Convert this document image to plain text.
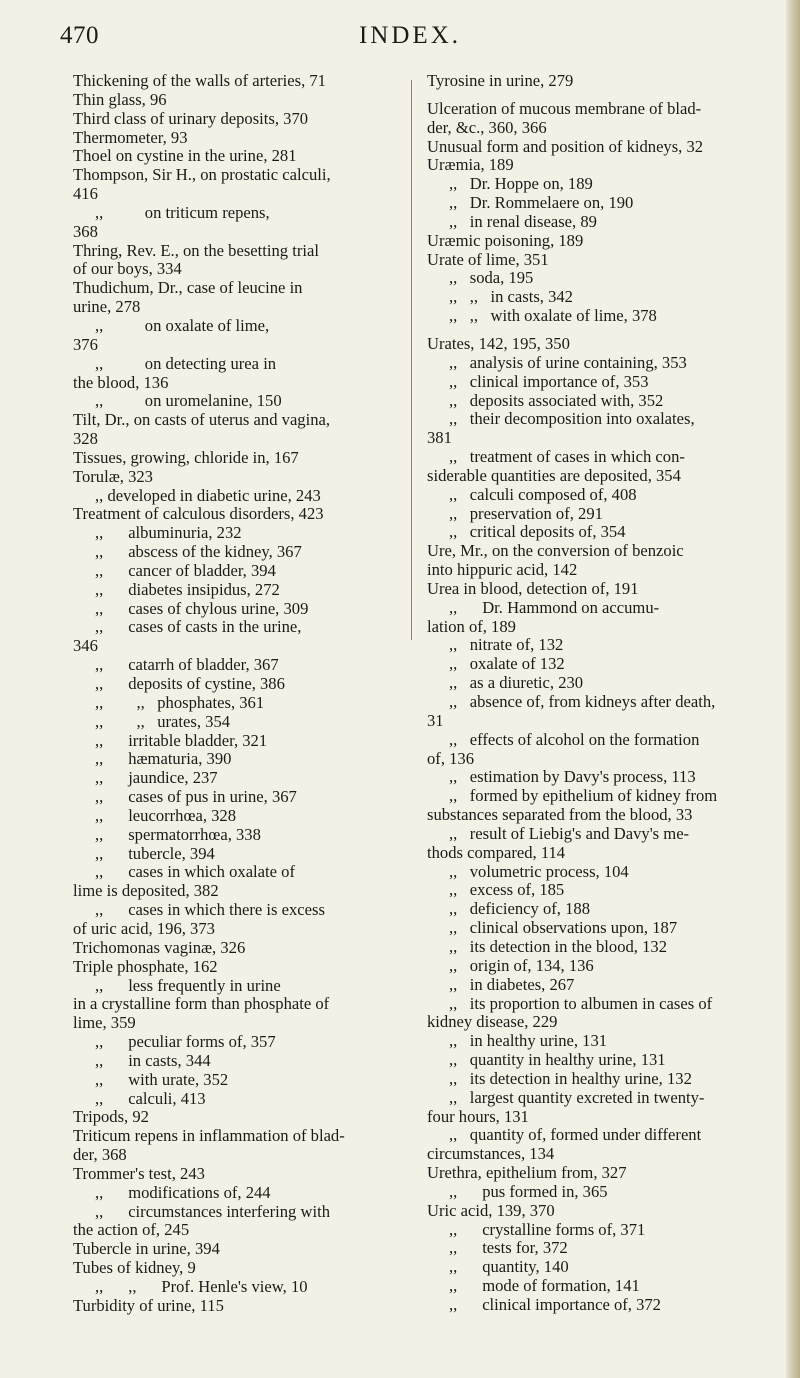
470	INDEX.
Thickening of the walls of arteries, 71
Thin glass, 96
Third class of urinary deposits, 370
Thermometer, 93
Thoel on cystine in the urine, 281
Thompson, Sir H., on prostatic calculi,
416
,,          on triticum repens,
368
Thring, Rev. E., on the besetting trial
of our boys, 334
Thudichum, Dr., case of leucine in
urine, 278
,,          on oxalate of lime,
376
,,          on detecting urea in
the blood, 136
,,          on uromelanine, 150
Tilt, Dr., on casts of uterus and vagina,
328
Tissues, growing, chloride in, 167
Torulæ, 323
,, developed in diabetic urine, 243
Treatment of calculous disorders, 423
,,      albuminuria, 232
,,      abscess of the kidney, 367
,,      cancer of bladder, 394
,,      diabetes insipidus, 272
,,      cases of chylous urine, 309
,,      cases of casts in the urine,
346
,,      catarrh of bladder, 367
,,      deposits of cystine, 386
,,        ,,   phosphates, 361
,,        ,,   urates, 354
,,      irritable bladder, 321
,,      hæmaturia, 390
,,      jaundice, 237
,,      cases of pus in urine, 367
,,      leucorrhœa, 328
,,      spermatorrhœa, 338
,,      tubercle, 394
,,      cases in which oxalate of
lime is deposited, 382
,,      cases in which there is excess
of uric acid, 196, 373
Trichomonas vaginæ, 326
Triple phosphate, 162
,,      less frequently in urine
in a crystalline form than phosphate of
lime, 359
,,      peculiar forms of, 357
,,      in casts, 344
,,      with urate, 352
,,      calculi, 413
Tripods, 92
Triticum repens in inflammation of blad-
der, 368
Trommer's test, 243
,,      modifications of, 244
,,      circumstances interfering with
the action of, 245
Tubercle in urine, 394
Tubes of kidney, 9
,,      ,,      Prof. Henle's view, 10
Turbidity of urine, 115
Tyrosine in urine, 279
Ulceration of mucous membrane of blad-
der, &c., 360, 366
Unusual form and position of kidneys, 32
Uræmia, 189
,,   Dr. Hoppe on, 189
,,   Dr. Rommelaere on, 190
,,   in renal disease, 89
Uræmic poisoning, 189
Urate of lime, 351
,,   soda, 195
,,   ,,   in casts, 342
,,   ,,   with oxalate of lime, 378
Urates, 142, 195, 350
,,   analysis of urine containing, 353
,,   clinical importance of, 353
,,   deposits associated with, 352
,,   their decomposition into oxalates,
381
,,   treatment of cases in which con-
siderable quantities are deposited, 354
,,   calculi composed of, 408
,,   preservation of, 291
,,   critical deposits of, 354
Ure, Mr., on the conversion of benzoic
into hippuric acid, 142
Urea in blood, detection of, 191
,,      Dr. Hammond on accumu-
lation of, 189
,,   nitrate of, 132
,,   oxalate of 132
,,   as a diuretic, 230
,,   absence of, from kidneys after death,
31
,,   effects of alcohol on the formation
of, 136
,,   estimation by Davy's process, 113
,,   formed by epithelium of kidney from
substances separated from the blood, 33
,,   result of Liebig's and Davy's me-
thods compared, 114
,,   volumetric process, 104
,,   excess of, 185
,,   deficiency of, 188
,,   clinical observations upon, 187
,,   its detection in the blood, 132
,,   origin of, 134, 136
,,   in diabetes, 267
,,   its proportion to albumen in cases of
kidney disease, 229
,,   in healthy urine, 131
,,   quantity in healthy urine, 131
,,   its detection in healthy urine, 132
,,   largest quantity excreted in twenty-
four hours, 131
,,   quantity of, formed under different
circumstances, 134
Urethra, epithelium from, 327
,,      pus formed in, 365
Uric acid, 139, 370
,,      crystalline forms of, 371
,,      tests for, 372
,,      quantity, 140
,,      mode of formation, 141
,,      clinical importance of, 372
